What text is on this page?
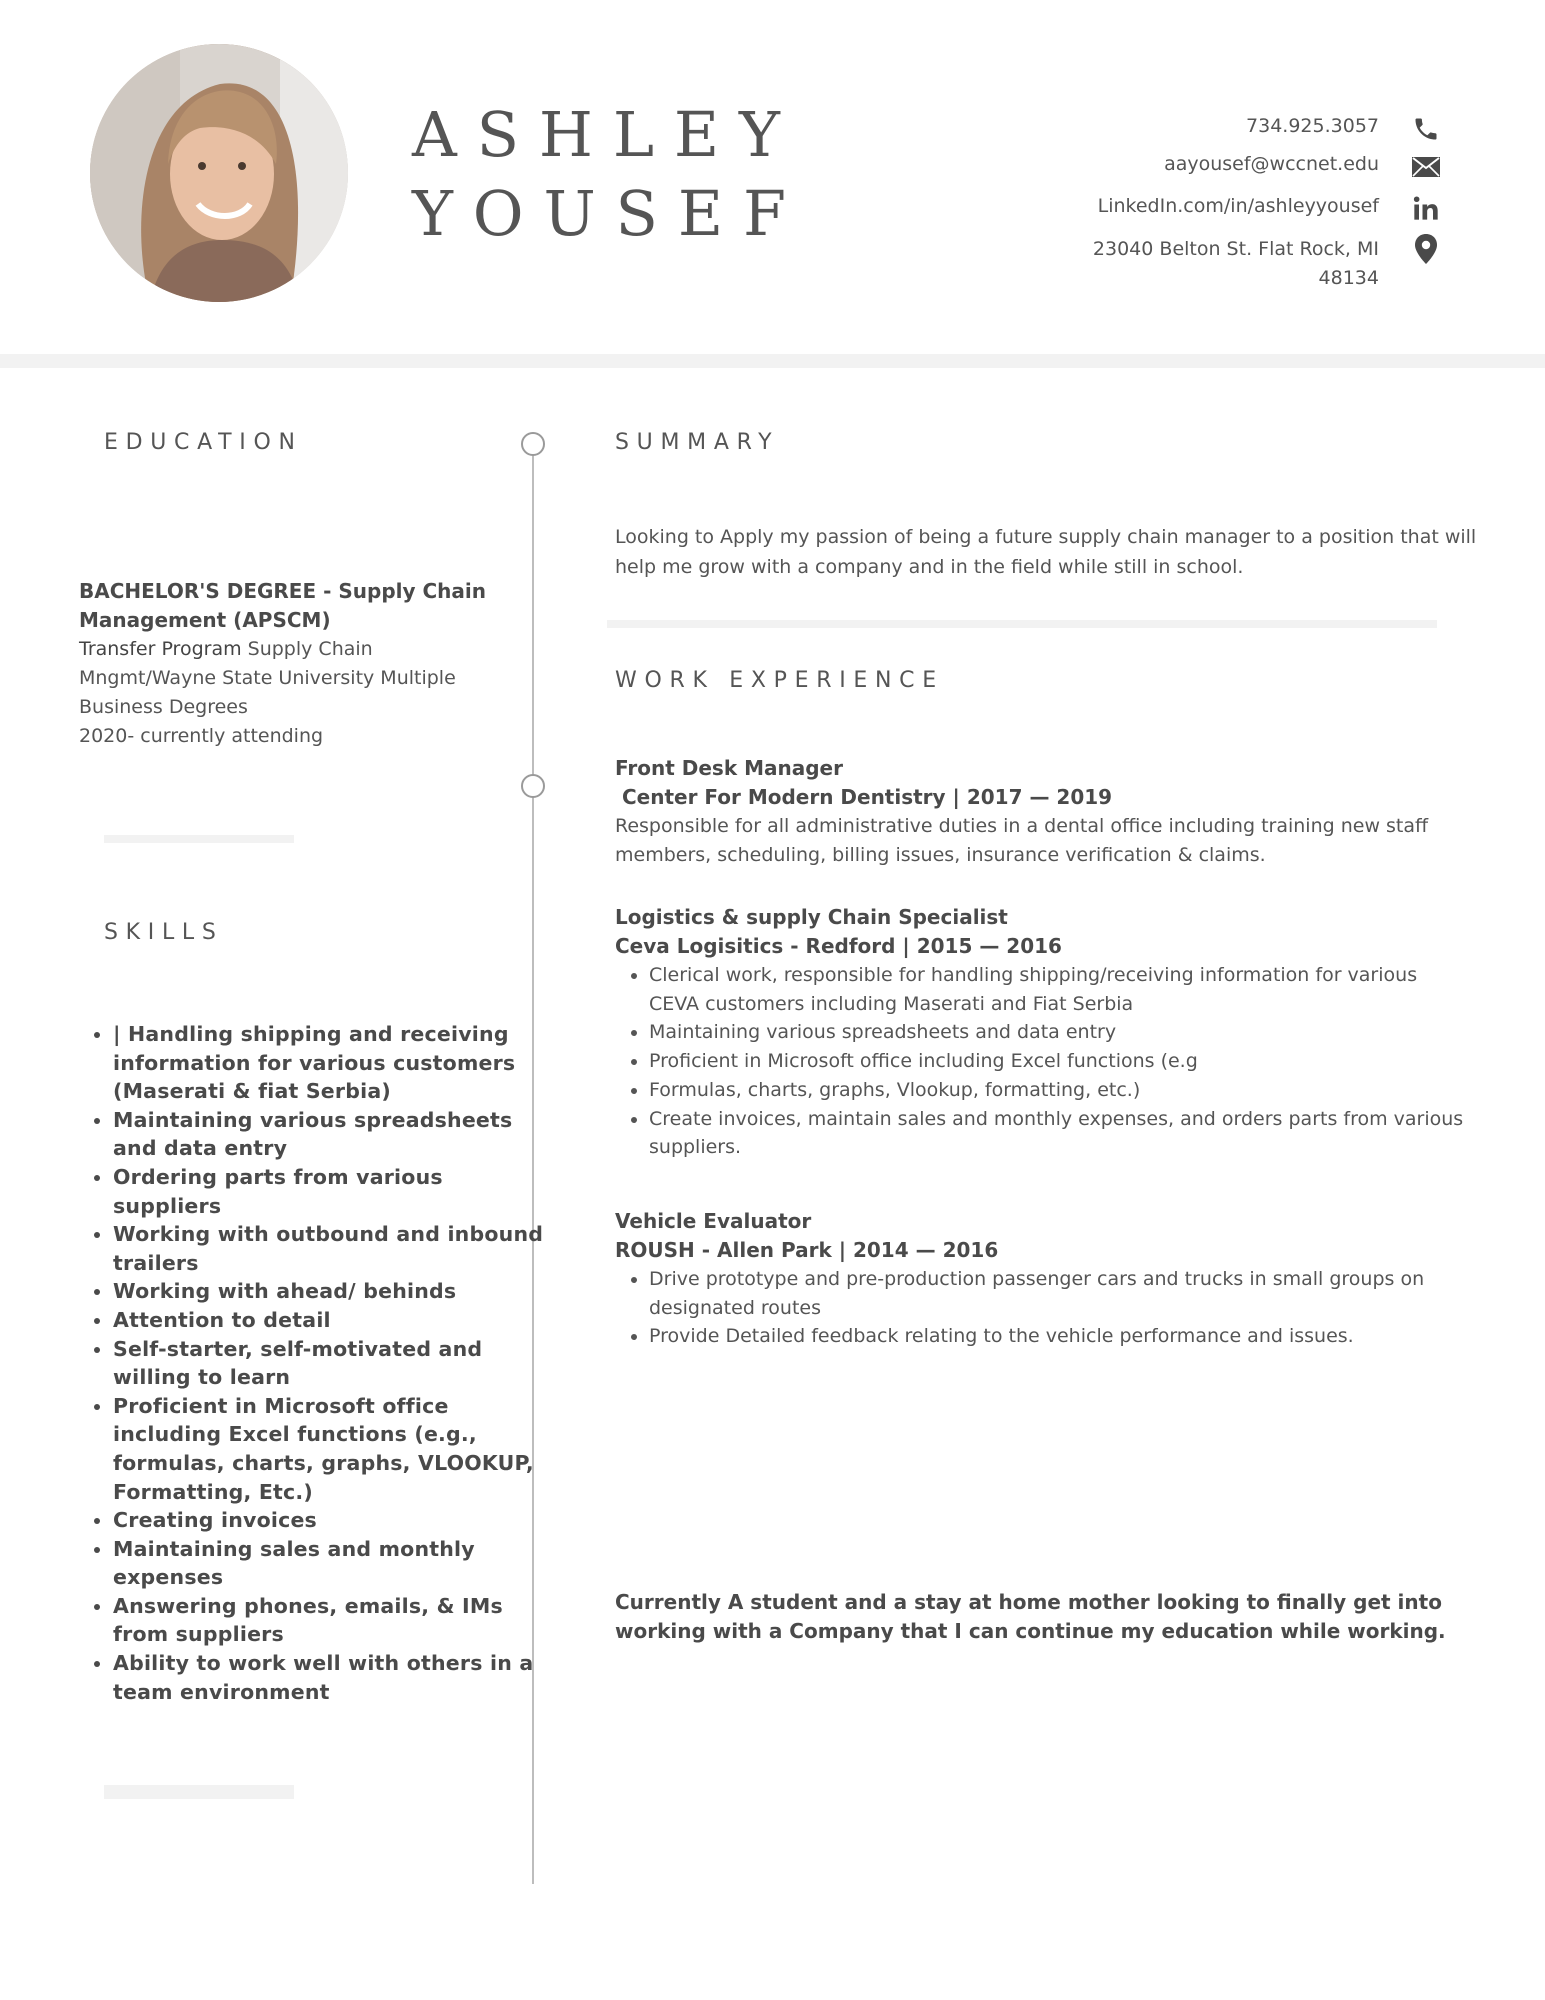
ASHLEY
YOUSEF
734.925.3057
aayousef@wccnet.edu
LinkedIn.com/in/ashleyyousef
23040 Belton St. Flat Rock, MI
48134
EDUCATION
BACHELOR'S DEGREE - Supply Chain
Management (APSCM)
Transfer Program Supply Chain
Mngmt/Wayne State University Multiple
Business Degrees
2020- currently attending
SKILLS
• | Handling shipping and receiving information for various customers (Maserati & fiat Serbia)
• Maintaining various spreadsheets and data entry
• Ordering parts from various suppliers
• Working with outbound and inbound trailers
• Working with ahead/ behinds
• Attention to detail
• Self-starter, self-motivated and willing to learn
• Proficient in Microsoft office including Excel functions (e.g., formulas, charts, graphs, VLOOKUP, Formatting, Etc.)
• Creating invoices
• Maintaining sales and monthly expenses
• Answering phones, emails, & IMs from suppliers
• Ability to work well with others in a team environment
SUMMARY
Looking to Apply my passion of being a future supply chain manager to a position that will help me grow with a company and in the field while still in school.
WORK EXPERIENCE
Front Desk Manager
Center For Modern Dentistry | 2017 — 2019
Responsible for all administrative duties in a dental office including training new staff members, scheduling, billing issues, insurance verification & claims.
Logistics & supply Chain Specialist
Ceva Logisitics - Redford | 2015 — 2016
• Clerical work, responsible for handling shipping/receiving information for various CEVA customers including Maserati and Fiat Serbia
• Maintaining various spreadsheets and data entry
• Proficient in Microsoft office including Excel functions (e.g
• Formulas, charts, graphs, Vlookup, formatting, etc.)
• Create invoices, maintain sales and monthly expenses, and orders parts from various suppliers.
Vehicle Evaluator
ROUSH - Allen Park | 2014 — 2016
• Drive prototype and pre-production passenger cars and trucks in small groups on designated routes
• Provide Detailed feedback relating to the vehicle performance and issues.
Currently A student and a stay at home mother looking to finally get into working with a Company that I can continue my education while working.
